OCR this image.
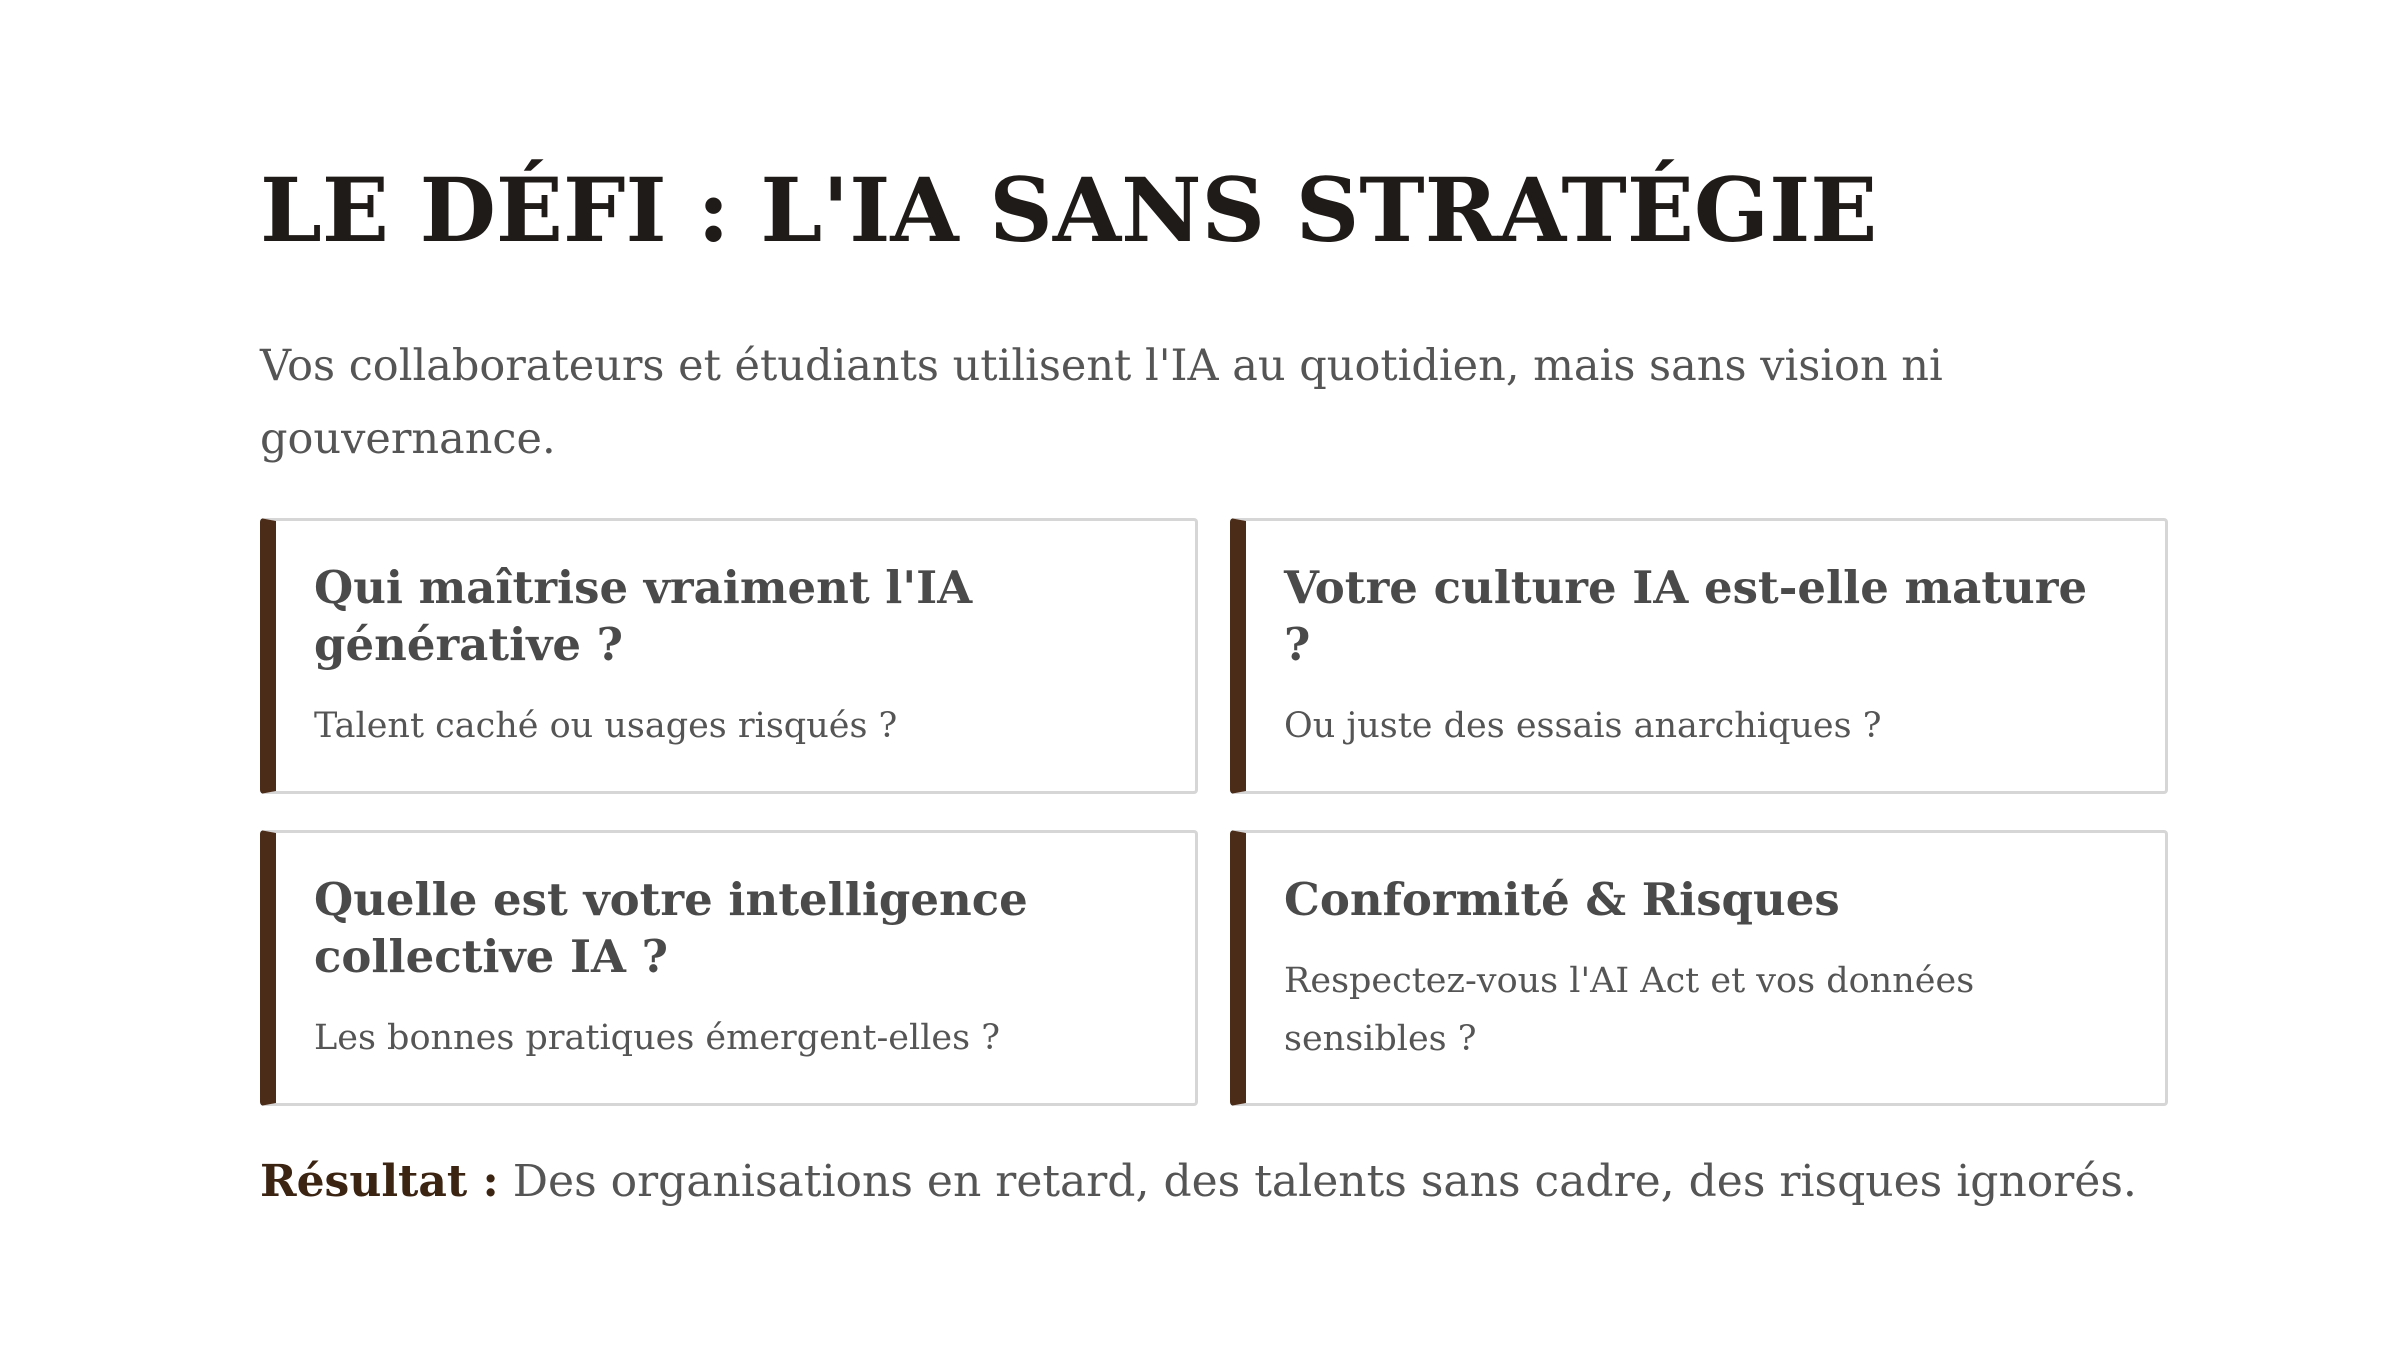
LE DÉFI : L'IA SANS STRATÉGIE

Vos collaborateurs et étudiants utilisent l'IA au quotidien, mais sans vision ni gouvernance.

Qui maîtrise vraiment l'IA générative ?

Talent caché ou usages risqués ?

Votre culture IA est-elle mature ?

Ou juste des essais anarchiques ?

Quelle est votre intelligence collective IA ?

Les bonnes pratiques émergent-elles ?

Conformité & Risques

Respectez-vous l'AI Act et vos données sensibles ?

Résultat : Des organisations en retard, des talents sans cadre, des risques ignorés.
